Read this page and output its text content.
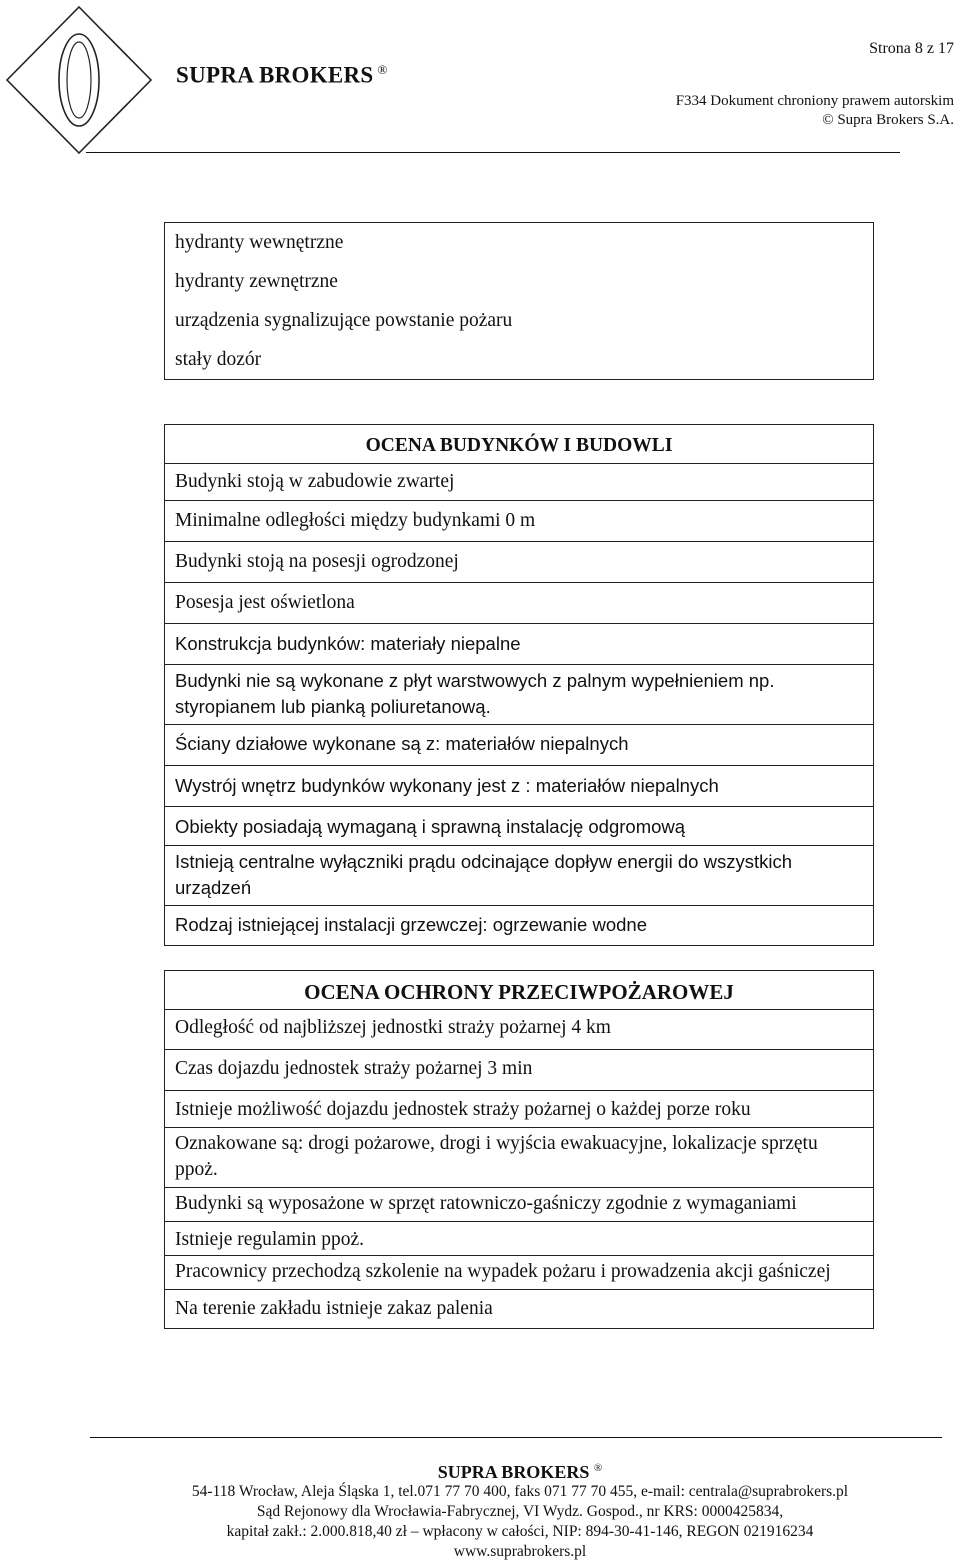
SUPRA BROKERS ®
Strona 8 z 17
F334 Dokument chroniony prawem autorskim
© Supra Brokers S.A.
hydranty wewnętrzne
hydranty zewnętrzne
urządzenia sygnalizujące powstanie pożaru
stały dozór
OCENA BUDYNKÓW I BUDOWLI
Budynki stoją w zabudowie zwartej
Minimalne odległości między budynkami 0 m
Budynki stoją na posesji ogrodzonej
Posesja jest oświetlona
Konstrukcja budynków: materiały niepalne
Budynki nie są wykonane z płyt warstwowych z palnym wypełnieniem np. styropianem lub pianką poliuretanową.
Ściany działowe wykonane są z: materiałów niepalnych
Wystrój wnętrz budynków wykonany jest z : materiałów niepalnych
Obiekty posiadają wymaganą i sprawną instalację odgromową
Istnieją centralne wyłączniki prądu odcinające dopływ energii do wszystkich urządzeń
Rodzaj istniejącej instalacji grzewczej: ogrzewanie wodne
OCENA OCHRONY PRZECIWPOŻAROWEJ
Odległość od najbliższej jednostki straży pożarnej 4 km
Czas dojazdu jednostek straży pożarnej 3 min
Istnieje możliwość dojazdu jednostek straży pożarnej o każdej porze roku
Oznakowane są: drogi pożarowe, drogi i wyjścia ewakuacyjne, lokalizacje sprzętu ppoż.
Budynki są wyposażone w sprzęt ratowniczo-gaśniczy zgodnie z wymaganiami
Istnieje regulamin ppoż.
Pracownicy przechodzą szkolenie na wypadek pożaru i prowadzenia akcji gaśniczej
Na terenie zakładu istnieje zakaz palenia
SUPRA BROKERS ®
54-118 Wrocław, Aleja Śląska 1, tel.071 77 70 400, faks 071 77 70 455, e-mail: centrala@suprabrokers.pl
Sąd Rejonowy dla Wrocławia-Fabrycznej, VI Wydz. Gospod., nr KRS: 0000425834,
kapitał zakł.: 2.000.818,40 zł – wpłacony w całości, NIP: 894-30-41-146, REGON 021916234
www.suprabrokers.pl
